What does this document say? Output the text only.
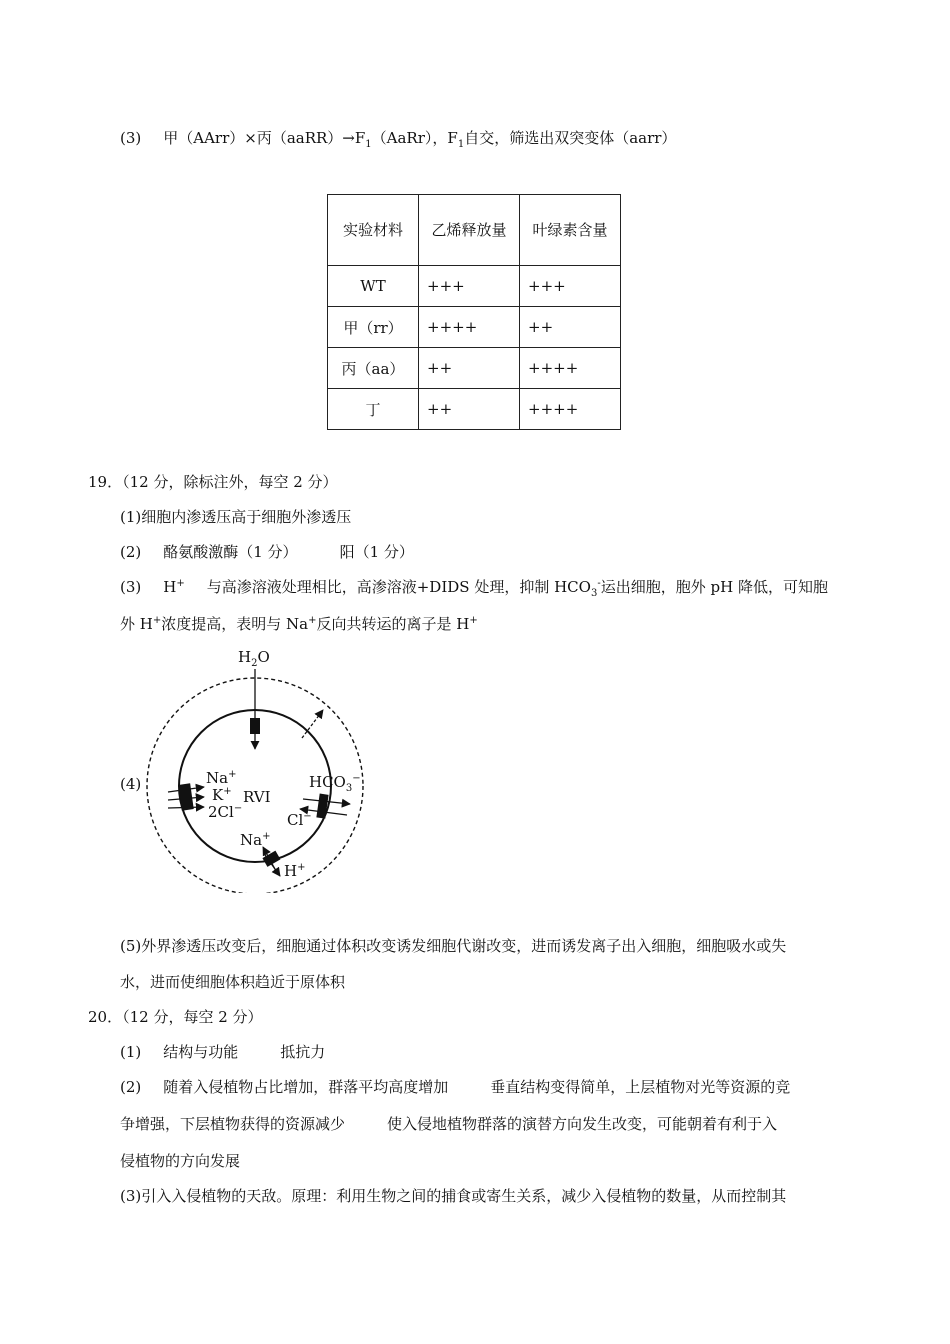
(3) 甲（AArr）×丙$(aaRR)\to F_1(AaRr)$，$F_1$自交，筛选出双突变体（aarr）
实验材料	乙烯释放量	叶绿素含量
WT	+++	+++
甲（rr）	++++	++
丙（aa）	++	++++
丁	++	++++
19．（12 分，除标注外，每空 2 分）
(1)细胞内渗透压高于细胞外渗透压
(2) 酪氨酸激酶（1 分）	阳（1 分）
(3) H+ 与高渗溶液处理相比，高渗溶液+DIDS 处理，抑制 $HCO_3^-$运出细胞，胞外 pH 降低，可知胞
外 H+浓度提高，表明与 Na+反向共转运的离子是 H+
(4)
$H_2O$
Na+
K+
2Cl−
RVI
$HCO_3^-$
Cl−
Na+
H+
(5)外界渗透压改变后，细胞通过体积改变诱发细胞代谢改变，进而诱发离子出入细胞，细胞吸水或失
水，进而使细胞体积趋近于原体积
20．（12 分，每空 2 分）
(1) 结构与功能	抵抗力
(2) 随着入侵植物占比增加，群落平均高度增加	垂直结构变得简单，上层植物对光等资源的竞
争增强，下层植物获得的资源减少	使入侵地植物群落的演替方向发生改变，可能朝着有利于入
侵植物的方向发展
(3)引入入侵植物的天敌。原理：利用生物之间的捕食或寄生关系，减少入侵植物的数量，从而控制其
